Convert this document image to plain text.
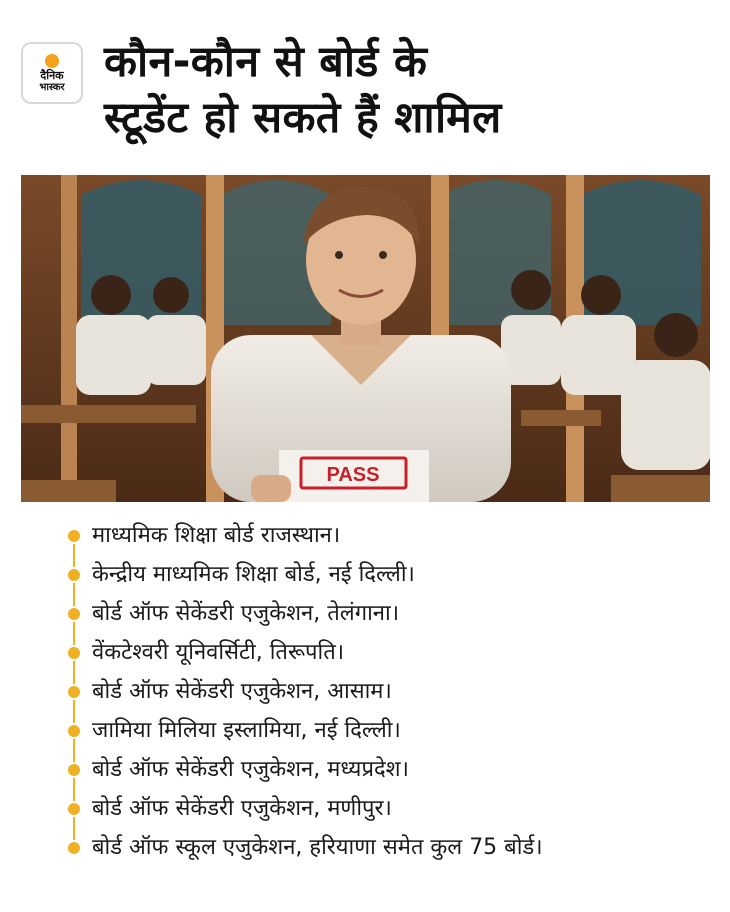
दैनिक
भास्कर कौन-कौन से बोर्ड के
स्टूडेंट हो सकते हैं शामिल
PASS
माध्यमिक शिक्षा बोर्ड राजस्थान।
केन्द्रीय माध्यमिक शिक्षा बोर्ड, नई दिल्ली।
बोर्ड ऑफ सेकेंडरी एजुकेशन, तेलंगाना।
वेंकटेश्वरी यूनिवर्सिटी, तिरूपति।
बोर्ड ऑफ सेकेंडरी एजुकेशन, आसाम।
जामिया मिलिया इस्लामिया, नई दिल्ली।
बोर्ड ऑफ सेकेंडरी एजुकेशन, मध्यप्रदेश।
बोर्ड ऑफ सेकेंडरी एजुकेशन, मणीपुर।
बोर्ड ऑफ स्कूल एजुकेशन, हरियाणा समेत कुल 75 बोर्ड।
